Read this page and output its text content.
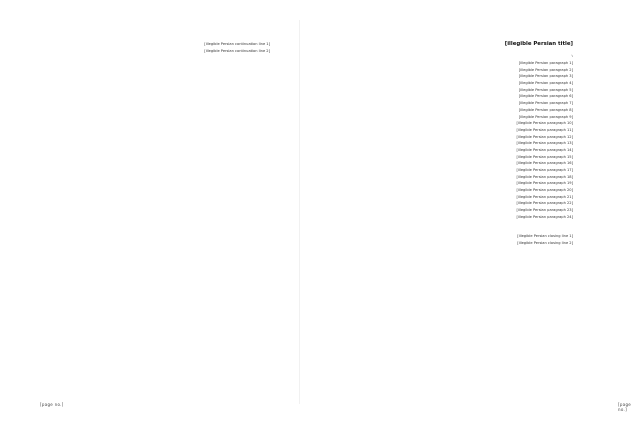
[illegible Persian continuation line 1]

[illegible Persian continuation line 2]

[page no.]
[illegible Persian title]
۱

[illegible Persian paragraph 1]

[illegible Persian paragraph 2]

[illegible Persian paragraph 3]

[illegible Persian paragraph 4]

[illegible Persian paragraph 5]

[illegible Persian paragraph 6]

[illegible Persian paragraph 7]

[illegible Persian paragraph 8]

[illegible Persian paragraph 9]

[illegible Persian paragraph 10]

[illegible Persian paragraph 11]

[illegible Persian paragraph 12]

[illegible Persian paragraph 13]

[illegible Persian paragraph 14]

[illegible Persian paragraph 15]

[illegible Persian paragraph 16]

[illegible Persian paragraph 17]

[illegible Persian paragraph 18]

[illegible Persian paragraph 19]

[illegible Persian paragraph 20]

[illegible Persian paragraph 21]

[illegible Persian paragraph 22]

[illegible Persian paragraph 23]

[illegible Persian paragraph 24]

[illegible Persian closing line 1]

[illegible Persian closing line 2]

[page no.]
